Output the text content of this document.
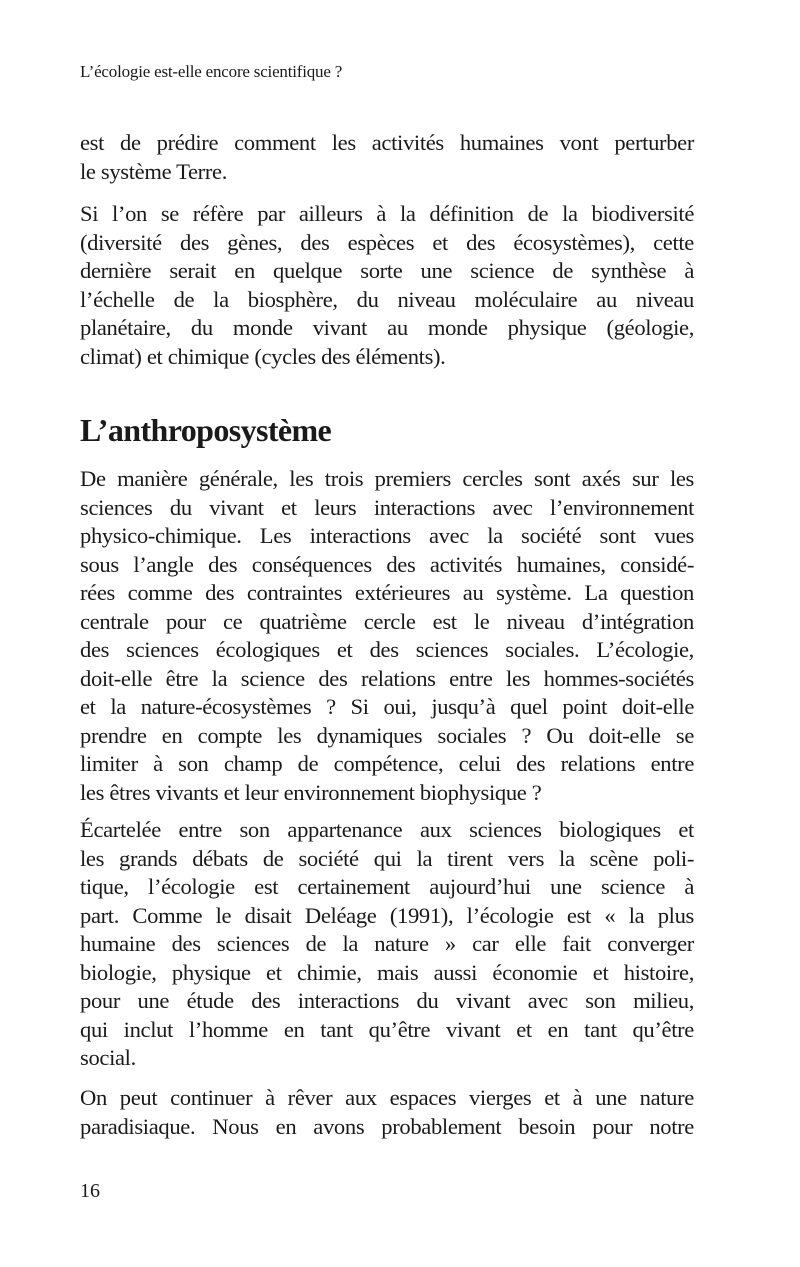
L’écologie est-elle encore scientifique ?
est de prédire comment les activités humaines vont perturber
le système Terre.
Si l’on se réfère par ailleurs à la définition de la biodiversité
(diversité des gènes, des espèces et des écosystèmes), cette
dernière serait en quelque sorte une science de synthèse à
l’échelle de la biosphère, du niveau moléculaire au niveau
planétaire, du monde vivant au monde physique (géologie,
climat) et chimique (cycles des éléments).
L’anthroposystème
De manière générale, les trois premiers cercles sont axés sur les
sciences du vivant et leurs interactions avec l’environnement
physico-chimique. Les interactions avec la société sont vues
sous l’angle des conséquences des activités humaines, considé-
rées comme des contraintes extérieures au système. La question
centrale pour ce quatrième cercle est le niveau d’intégration
des sciences écologiques et des sciences sociales. L’écologie,
doit-elle être la science des relations entre les hommes-sociétés
et la nature-écosystèmes ? Si oui, jusqu’à quel point doit-elle
prendre en compte les dynamiques sociales ? Ou doit-elle se
limiter à son champ de compétence, celui des relations entre
les êtres vivants et leur environnement biophysique ?
Écartelée entre son appartenance aux sciences biologiques et
les grands débats de société qui la tirent vers la scène poli-
tique, l’écologie est certainement aujourd’hui une science à
part. Comme le disait Deléage (1991), l’écologie est « la plus
humaine des sciences de la nature » car elle fait converger
biologie, physique et chimie, mais aussi économie et histoire,
pour une étude des interactions du vivant avec son milieu,
qui inclut l’homme en tant qu’être vivant et en tant qu’être
social.
On peut continuer à rêver aux espaces vierges et à une nature
paradisiaque. Nous en avons probablement besoin pour notre
16
